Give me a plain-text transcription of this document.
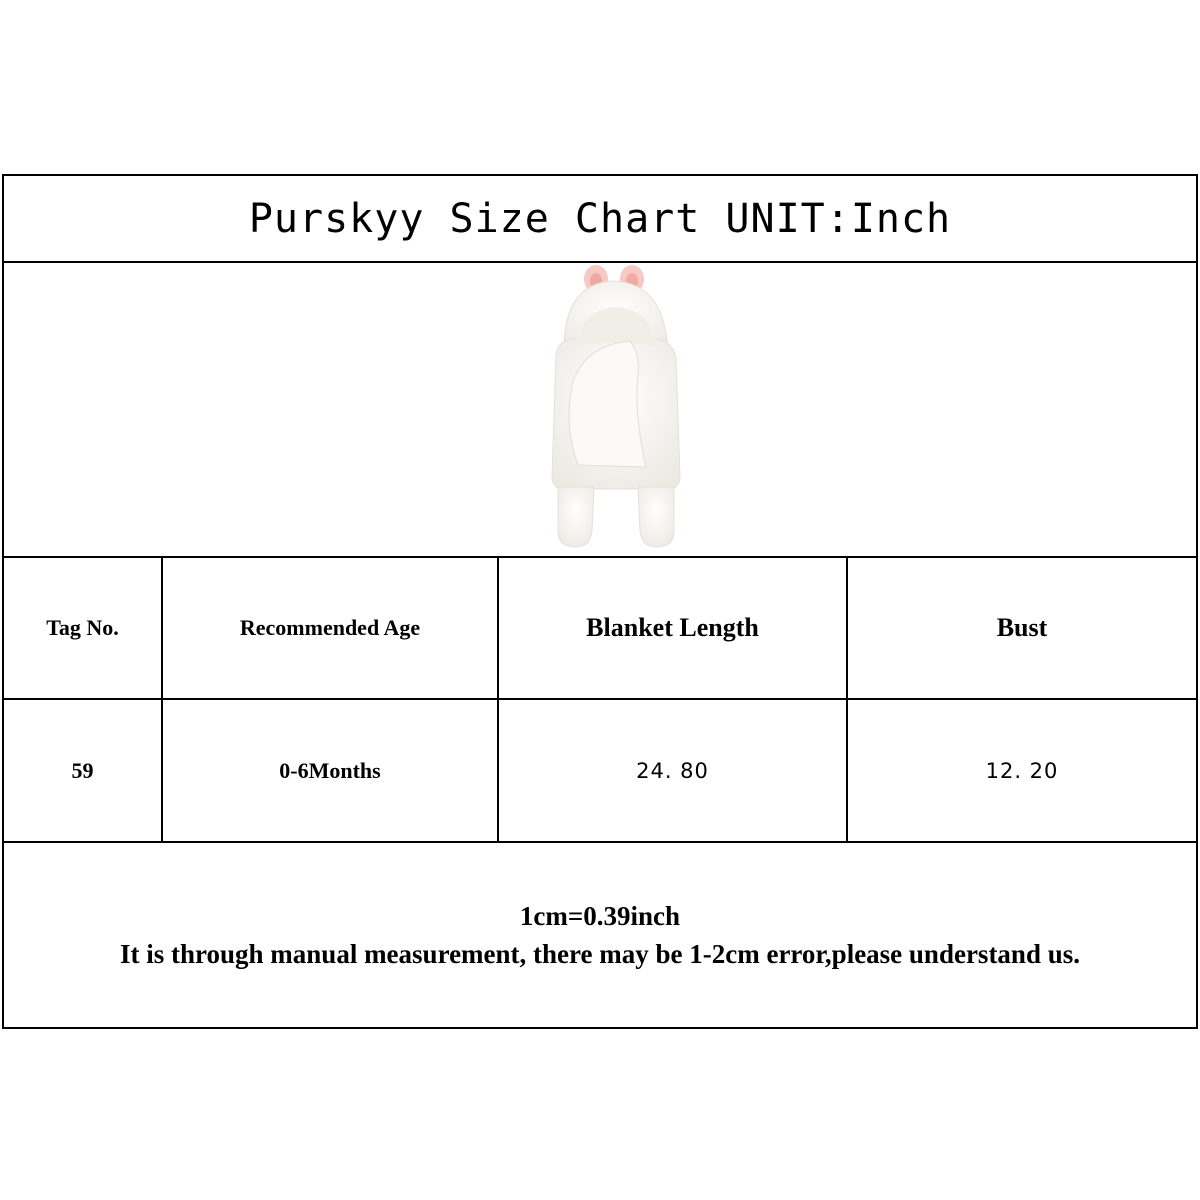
Purskyy Size Chart UNIT:Inch
Tag No.	Recommended Age	Blanket Length	Bust
59	0-6Months	24. 80	12. 20
1cm=0.39inch
It is through manual measurement, there may be 1-2cm error,please understand us.
